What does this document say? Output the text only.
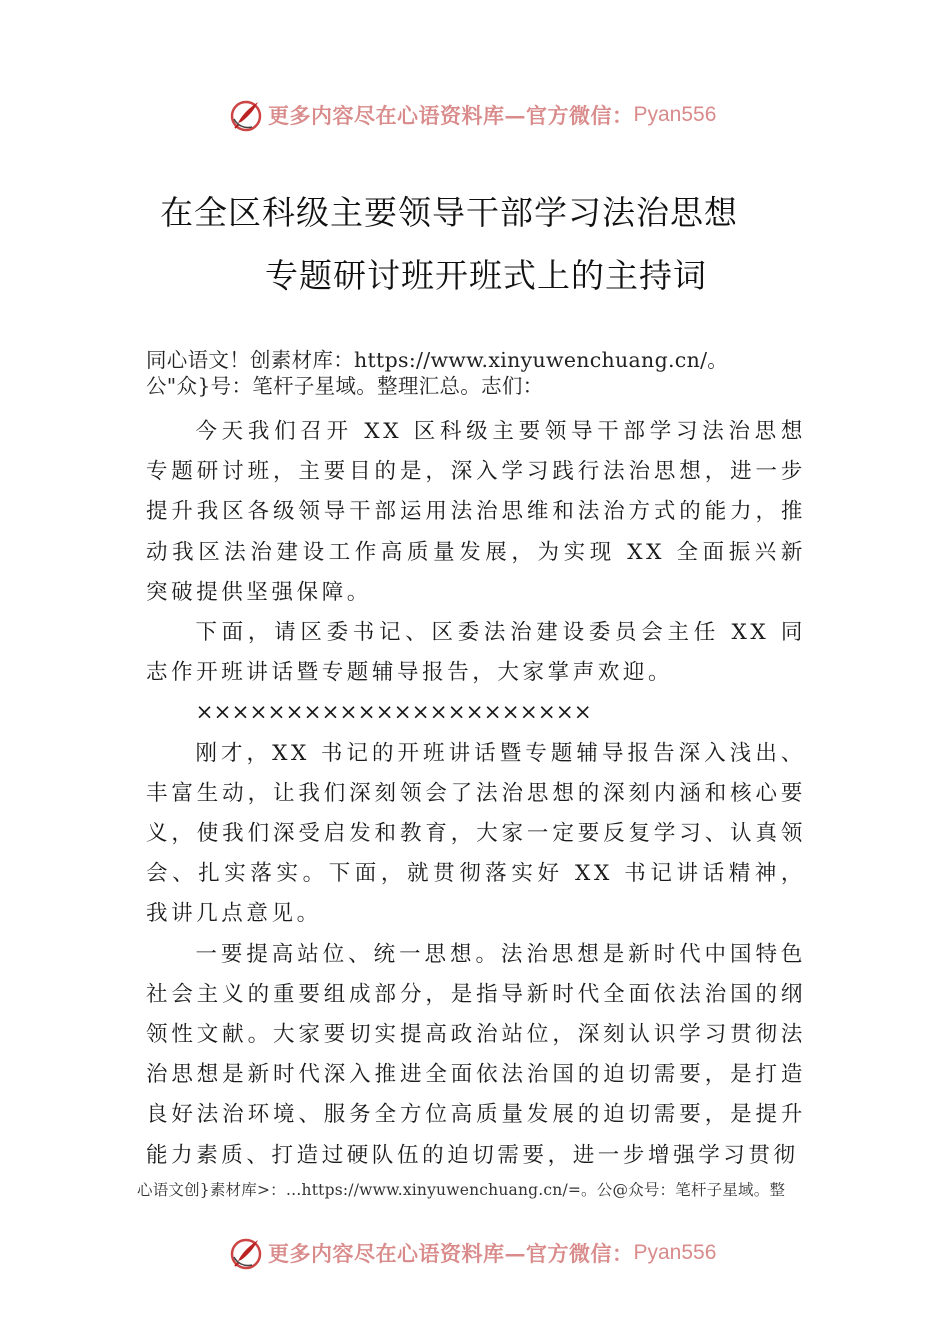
更多内容尽在心语资料库—官方微信： Pyan556
在全区科级主要领导干部学习法治思想
专题研讨班开班式上的主持词
同心语文！创素材库：https://www.xinyuwenchuang.cn/。
公"众}号：笔杆子星域。整理汇总。志们：

今天我们召开 XX 区科级主要领导干部学习法治思想专题研讨班，主要目的是，深入学习践行法治思想，进一步提升我区各级领导干部运用法治思维和法治方式的能力，推动我区法治建设工作高质量发展，为实现 XX 全面振兴新突破提供坚强保障。

下面，请区委书记、区委法治建设委员会主任 XX 同志作开班讲话暨专题辅导报告，大家掌声欢迎。

××××××××××××××××××××××

刚才，XX 书记的开班讲话暨专题辅导报告深入浅出、丰富生动，让我们深刻领会了法治思想的深刻内涵和核心要义，使我们深受启发和教育，大家一定要反复学习、认真领会、扎实落实。下面，就贯彻落实好 XX 书记讲话精神，我讲几点意见。

一要提高站位、统一思想。法治思想是新时代中国特色社会主义的重要组成部分，是指导新时代全面依法治国的纲领性文献。大家要切实提高政治站位，深刻认识学习贯彻法治思想是新时代深入推进全面依法治国的迫切需要，是打造良好法治环境、服务全方位高质量发展的迫切需要，是提升能力素质、打造过硬队伍的迫切需要，进一步增强学习贯彻

心语文创}素材库>：…https://www.xinyuwenchuang.cn/=。公@众号：笔杆子星域。整
更多内容尽在心语资料库—官方微信： Pyan556
